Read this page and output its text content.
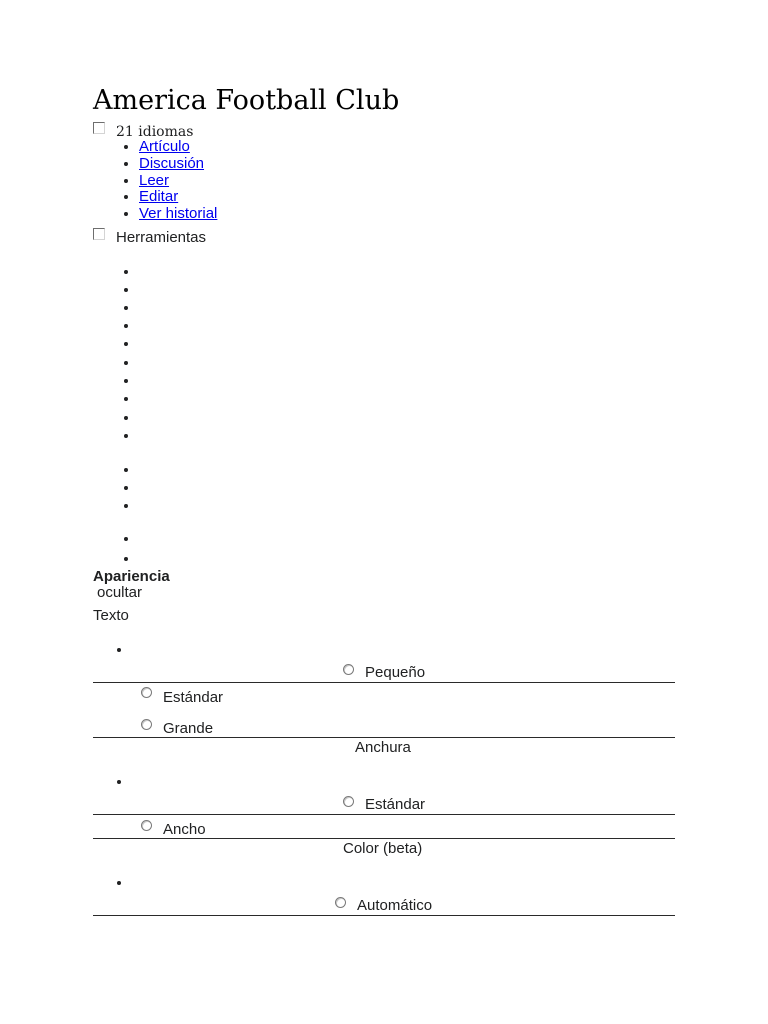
America Football Club
21 idiomas
• Artículo
• Discusión
• Leer
• Editar
• Ver historial
Herramientas
Apariencia
ocultar
Texto
Pequeño
Estándar
Grande
Anchura
Estándar
Ancho
Color (beta)
Automático
